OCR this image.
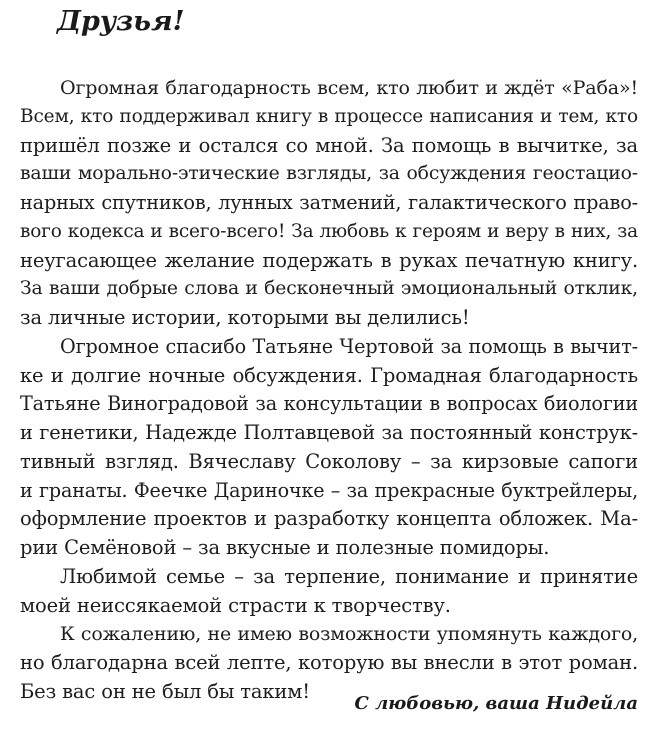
Друзья!
Огромная благодарность всем, кто любит и ждёт «Раба»!
Всем, кто поддерживал книгу в процессе написания и тем, кто
пришёл позже и остался со мной. За помощь в вычитке, за
ваши морально-этические взгляды, за обсуждения геостацио-
нарных спутников, лунных затмений, галактического право-
вого кодекса и всего-всего! За любовь к героям и веру в них, за
неугасающее желание подержать в руках печатную книгу.
За ваши добрые слова и бесконечный эмоциональный отклик,
за личные истории, которыми вы делились!
Огромное спасибо Татьяне Чертовой за помощь в вычит-
ке и долгие ночные обсуждения. Громадная благодарность
Татьяне Виноградовой за консультации в вопросах биологии
и генетики, Надежде Полтавцевой за постоянный конструк-
тивный взгляд. Вячеславу Соколову – за кирзовые сапоги
и гранаты. Феечке Дариночке – за прекрасные буктрейлеры,
оформление проектов и разработку концепта обложек. Ма-
рии Семёновой – за вкусные и полезные помидоры.
Любимой семье – за терпение, понимание и принятие
моей неиссякаемой страсти к творчеству.
К сожалению, не имею возможности упомянуть каждого,
но благодарна всей лепте, которую вы внесли в этот роман.
Без вас он не был бы таким!

С любовью, ваша Нидейла
